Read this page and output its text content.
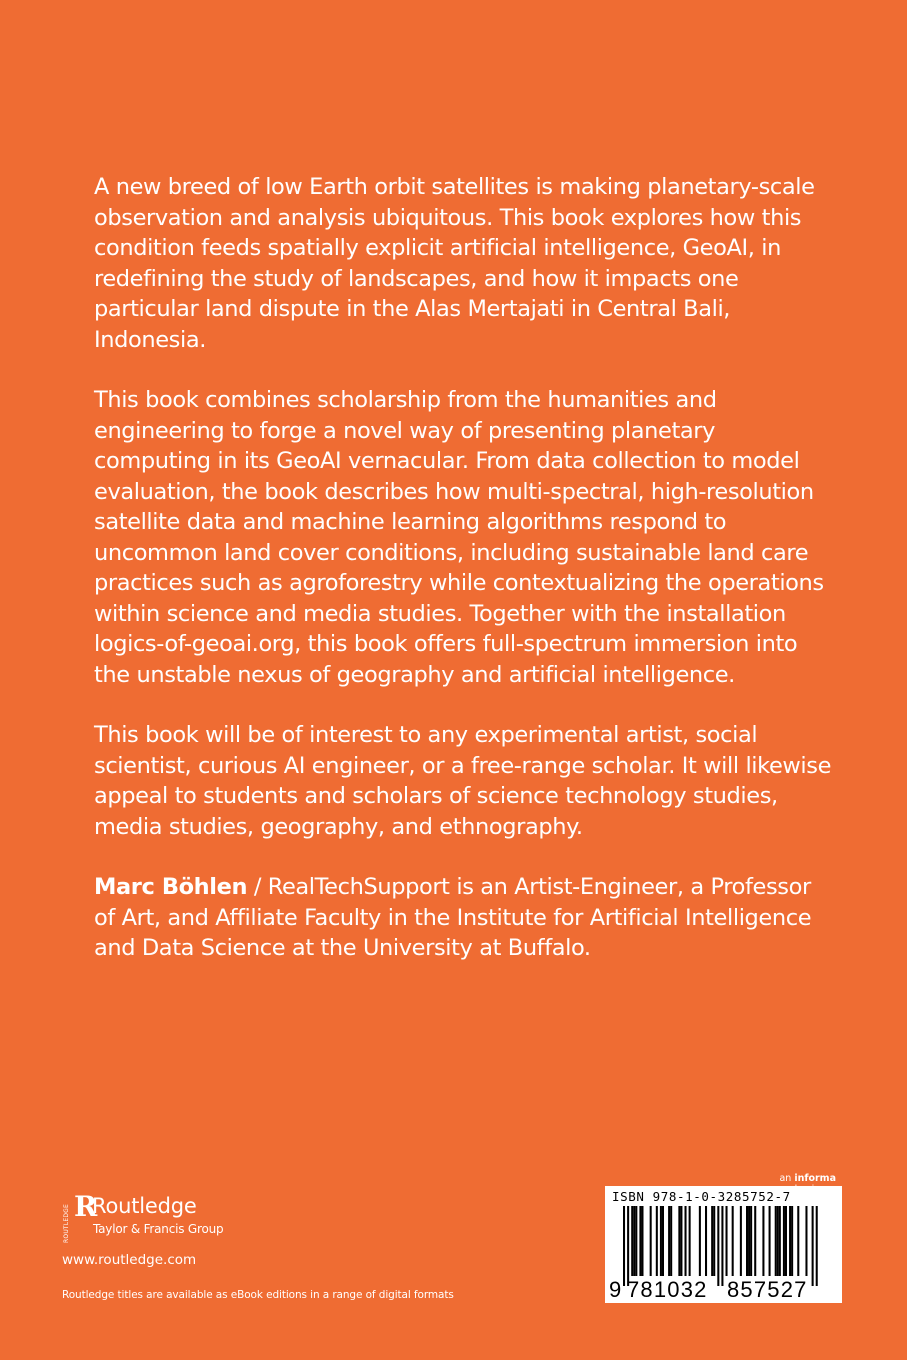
A new breed of low Earth orbit satellites is making planetary-scale observation and analysis ubiquitous. This book explores how this condition feeds spatially explicit artificial intelligence, GeoAI, in redefining the study of landscapes, and how it impacts one particular land dispute in the Alas Mertajati in Central Bali, Indonesia.

This book combines scholarship from the humanities and engineering to forge a novel way of presenting planetary computing in its GeoAI vernacular. From data collection to model evaluation, the book describes how multi-spectral, high-resolution satellite data and machine learning algorithms respond to uncommon land cover conditions, including sustainable land care practices such as agroforestry while contextualizing the operations within science and media studies. Together with the installation logics-of-geoai.org, this book offers full-spectrum immersion into the unstable nexus of geography and artificial intelligence.

This book will be of interest to any experimental artist, social scientist, curious AI engineer, or a free-range scholar. It will likewise appeal to students and scholars of science technology studies, media studies, geography, and ethnography.

Marc Böhlen / RealTechSupport is an Artist-Engineer, a Professor of Art, and Affiliate Faculty in the Institute for Artificial Intelligence and Data Science at the University at Buffalo.

ROUTLEDGE R
Routledge
Taylor & Francis Group
www.routledge.com
Routledge titles are available as eBook editions in a range of digital formats
an informa
ISBN 978-1-0-3285752-7
9 781032 857527
